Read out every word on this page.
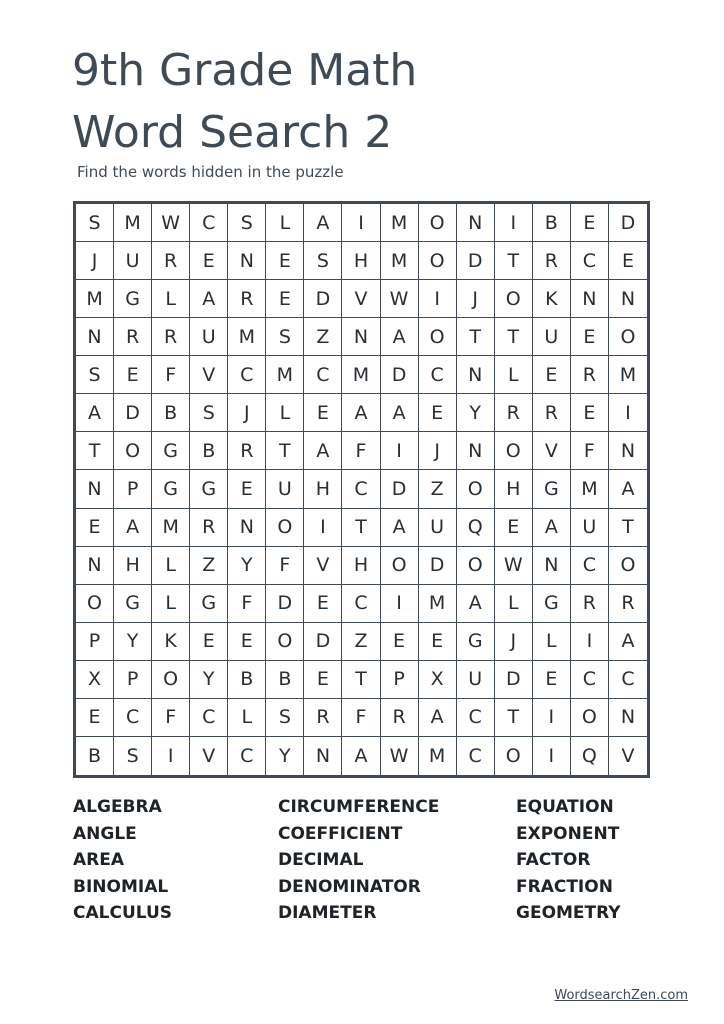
9th Grade Math
Word Search 2
Find the words hidden in the puzzle
S	M	W	C	S	L	A	I	M	O	N	I	B	E	D
J	U	R	E	N	E	S	H	M	O	D	T	R	C	E
M	G	L	A	R	E	D	V	W	I	J	O	K	N	N
N	R	R	U	M	S	Z	N	A	O	T	T	U	E	O
S	E	F	V	C	M	C	M	D	C	N	L	E	R	M
A	D	B	S	J	L	E	A	A	E	Y	R	R	E	I
T	O	G	B	R	T	A	F	I	J	N	O	V	F	N
N	P	G	G	E	U	H	C	D	Z	O	H	G	M	A
E	A	M	R	N	O	I	T	A	U	Q	E	A	U	T
N	H	L	Z	Y	F	V	H	O	D	O	W	N	C	O
O	G	L	G	F	D	E	C	I	M	A	L	G	R	R
P	Y	K	E	E	O	D	Z	E	E	G	J	L	I	A
X	P	O	Y	B	B	E	T	P	X	U	D	E	C	C
E	C	F	C	L	S	R	F	R	A	C	T	I	O	N
B	S	I	V	C	Y	N	A	W	M	C	O	I	Q	V
ALGEBRA
ANGLE
AREA
BINOMIAL
CALCULUS
CIRCUMFERENCE
COEFFICIENT
DECIMAL
DENOMINATOR
DIAMETER
EQUATION
EXPONENT
FACTOR
FRACTION
GEOMETRY
WordsearchZen.com
